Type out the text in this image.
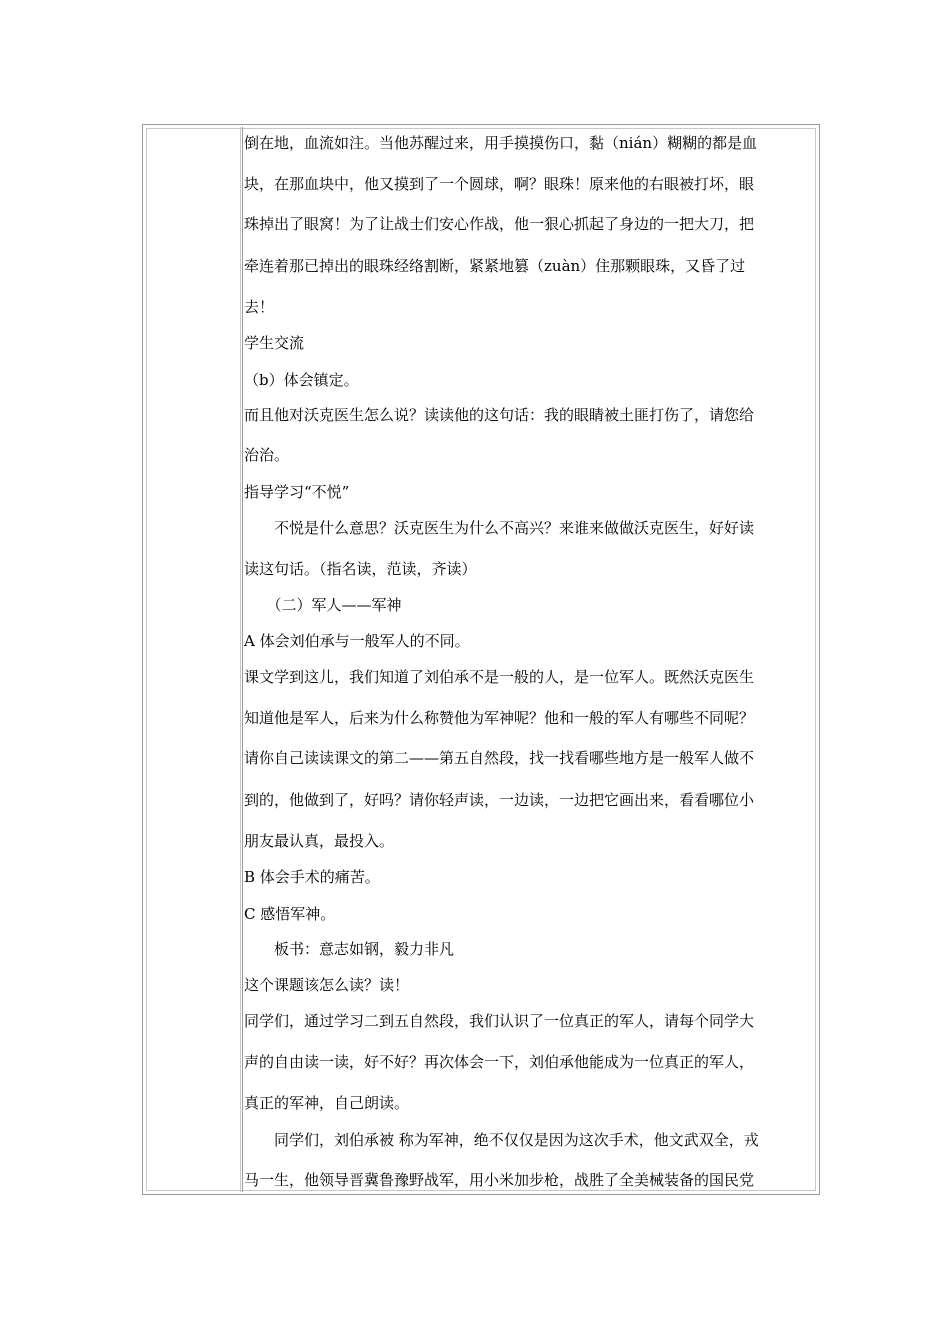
倒在地，血流如注。当他苏醒过来，用手摸摸伤口，黏（nián）糊糊的都是血
块，在那血块中，他又摸到了一个圆球，啊？眼珠！原来他的右眼被打坏，眼
珠掉出了眼窝！为了让战士们安心作战，他一狠心抓起了身边的一把大刀，把
牵连着那已掉出的眼珠经络割断，紧紧地篡（zuàn）住那颗眼珠，又昏了过
去！
学生交流
（b）体会镇定。
而且他对沃克医生怎么说？读读他的这句话：我的眼睛被土匪打伤了，请您给
治治。
指导学习“不悦”
　　不悦是什么意思？沃克医生为什么不高兴？来谁来做做沃克医生，好好读
读这句话。（指名读，范读，齐读）
　　（二）军人——军神
A 体会刘伯承与一般军人的不同。
课文学到这儿，我们知道了刘伯承不是一般的人，是一位军人。既然沃克医生
知道他是军人，后来为什么称赞他为军神呢？他和一般的军人有哪些不同呢？
请你自己读读课文的第二——第五自然段，找一找看哪些地方是一般军人做不
到的，他做到了，好吗？请你轻声读，一边读，一边把它画出来，看看哪位小
朋友最认真，最投入。
B 体会手术的痛苦。
C 感悟军神。
　　板书：意志如钢，毅力非凡
这个课题该怎么读？读！
同学们，通过学习二到五自然段，我们认识了一位真正的军人，请每个同学大
声的自由读一读，好不好？再次体会一下，刘伯承他能成为一位真正的军人，
真正的军神，自己朗读。
　　同学们，刘伯承被 称为军神，绝不仅仅是因为这次手术，他文武双全，戎
马一生，他领导晋冀鲁豫野战军，用小米加步枪，战胜了全美械装备的国民党
